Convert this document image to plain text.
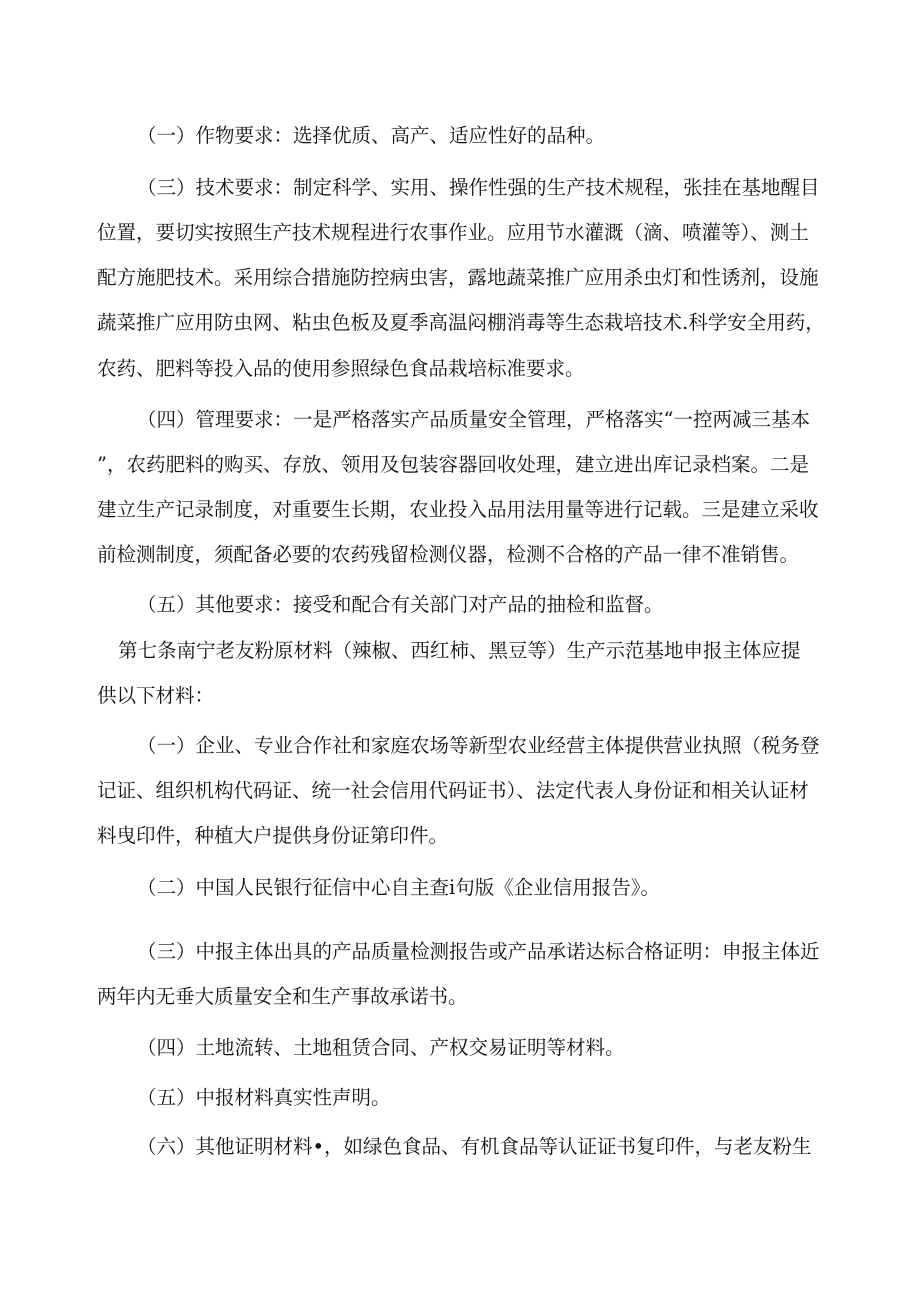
（一）作物要求：选择优质、高产、适应性好的品种。
（三）技术要求：制定科学、实用、操作性强的生产技术规程，张挂在基地醒目
位置，要切实按照生产技术规程进行农事作业。应用节水灌溉（滴、喷灌等）、测土
配方施肥技术。采用综合措施防控病虫害，露地蔬菜推广应用杀虫灯和性诱剂，设施
蔬菜推广应用防虫网、粘虫色板及夏季高温闷棚消毒等生态栽培技术.科学安全用药，
农药、肥料等投入品的使用参照绿色食品栽培标准要求。
（四）管理要求：一是严格落实产品质量安全管理，严格落实“一控两减三基本
”，农药肥料的购买、存放、领用及包装容器回收处理，建立进出库记录档案。二是
建立生产记录制度，对重要生长期，农业投入品用法用量等进行记载。三是建立采收
前检测制度，须配备必要的农药残留检测仪器，检测不合格的产品一律不准销售。
（五）其他要求：接受和配合有关部门对产品的抽检和监督。
第七条南宁老友粉原材料（辣椒、西红柿、黑豆等）生产示范基地申报主体应提
供以下材料：
（一）企业、专业合作社和家庭农场等新型农业经营主体提供营业执照（税务登
记证、组织机构代码证、统一社会信用代码证书）、法定代表人身份证和相关认证材
料曳印件，种植大户提供身份证第印件。
（二）中国人民银行征信中心自主查i句版《企业信用报告》。
（三）中报主体出具的产品质量检测报告或产品承诺达标合格证明：申报主体近
两年内无垂大质量安全和生产事故承诺书。
（四）土地流转、土地租赁合同、产权交易证明等材料。
（五）中报材料真实性声明。
（六）其他证明材料•，如绿色食品、有机食品等认证证书复印件，与老友粉生
